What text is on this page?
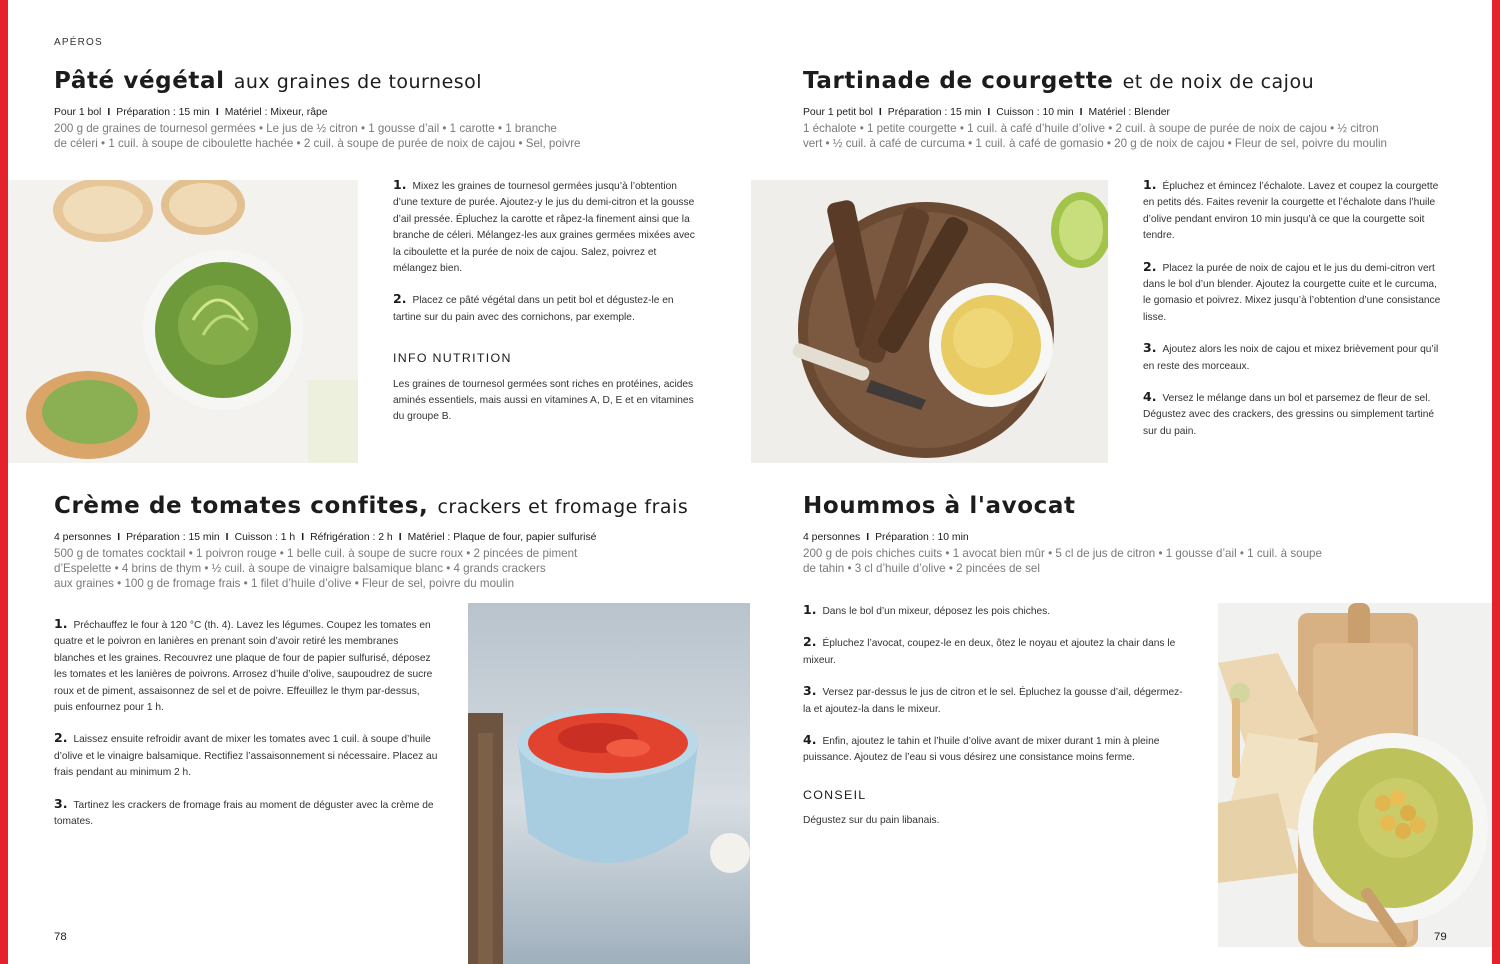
APÉROS
Pâté végétal aux graines de tournesol
Pour 1 bol I Préparation : 15 min I Matériel : Mixeur, râpe
200 g de graines de tournesol germées • Le jus de ½ citron • 1 gousse d’ail • 1 carotte • 1 branche
de céleri • 1 cuil. à soupe de ciboulette hachée • 2 cuil. à soupe de purée de noix de cajou • Sel, poivre
1. Mixez les graines de tournesol germées jusqu’à l’obtention d’une texture de purée. Ajoutez-y le jus du demi-citron et la gousse d’ail pressée. Épluchez la carotte et râpez-la finement ainsi que la branche de céleri. Mélangez-les aux graines germées mixées avec la ciboulette et la purée de noix de cajou. Salez, poivrez et mélangez bien.
2. Placez ce pâté végétal dans un petit bol et dégustez-le en tartine sur du pain avec des cornichons, par exemple.
INFO NUTRITION
Les graines de tournesol germées sont riches en protéines, acides aminés essentiels, mais aussi en vitamines A, D, E et en vitamines du groupe B.
Tartinade de courgette et de noix de cajou
Pour 1 petit bol I Préparation : 15 min I Cuisson : 10 min I Matériel : Blender
1 échalote • 1 petite courgette • 1 cuil. à café d’huile d’olive • 2 cuil. à soupe de purée de noix de cajou • ½ citron
vert • ½ cuil. à café de curcuma • 1 cuil. à café de gomasio • 20 g de noix de cajou • Fleur de sel, poivre du moulin
1. Épluchez et émincez l’échalote. Lavez et coupez la courgette en petits dés. Faites revenir la courgette et l’échalote dans l’huile d’olive pendant environ 10 min jusqu’à ce que la courgette soit tendre.
2. Placez la purée de noix de cajou et le jus du demi-citron vert dans le bol d’un blender. Ajoutez la courgette cuite et le curcuma, le gomasio et poivrez. Mixez jusqu’à l’obtention d’une consistance lisse.
3. Ajoutez alors les noix de cajou et mixez brièvement pour qu’il en reste des morceaux.
4. Versez le mélange dans un bol et parsemez de fleur de sel. Dégustez avec des crackers, des gressins ou simplement tartiné sur du pain.
Crème de tomates confites, crackers et fromage frais
4 personnes I Préparation : 15 min I Cuisson : 1 h I Réfrigération : 2 h I Matériel : Plaque de four, papier sulfurisé
500 g de tomates cocktail • 1 poivron rouge • 1 belle cuil. à soupe de sucre roux • 2 pincées de piment
d’Espelette • 4 brins de thym • ½ cuil. à soupe de vinaigre balsamique blanc • 4 grands crackers
aux graines • 100 g de fromage frais • 1 filet d’huile d’olive • Fleur de sel, poivre du moulin
1. Préchauffez le four à 120 °C (th. 4). Lavez les légumes. Coupez les tomates en quatre et le poivron en lanières en prenant soin d’avoir retiré les membranes blanches et les graines. Recouvrez une plaque de four de papier sulfurisé, déposez les tomates et les lanières de poivrons. Arrosez d’huile d’olive, saupoudrez de sucre roux et de piment, assaisonnez de sel et de poivre. Effeuillez le thym par-dessus, puis enfournez pour 1 h.
2. Laissez ensuite refroidir avant de mixer les tomates avec 1 cuil. à soupe d’huile d’olive et le vinaigre balsamique. Rectifiez l’assaisonnement si nécessaire. Placez au frais pendant au minimum 2 h.
3. Tartinez les crackers de fromage frais au moment de déguster avec la crème de tomates.
Hoummos à l'avocat
4 personnes I Préparation : 10 min
200 g de pois chiches cuits • 1 avocat bien mûr • 5 cl de jus de citron • 1 gousse d’ail • 1 cuil. à soupe
de tahin • 3 cl d’huile d’olive • 2 pincées de sel
1. Dans le bol d’un mixeur, déposez les pois chiches.
2. Épluchez l’avocat, coupez-le en deux, ôtez le noyau et ajoutez la chair dans le mixeur.
3. Versez par-dessus le jus de citron et le sel. Épluchez la gousse d’ail, dégermez-la et ajoutez-la dans le mixeur.
4. Enfin, ajoutez le tahin et l’huile d’olive avant de mixer durant 1 min à pleine puissance. Ajoutez de l’eau si vous désirez une consistance moins ferme.
CONSEIL
Dégustez sur du pain libanais.
78	79
